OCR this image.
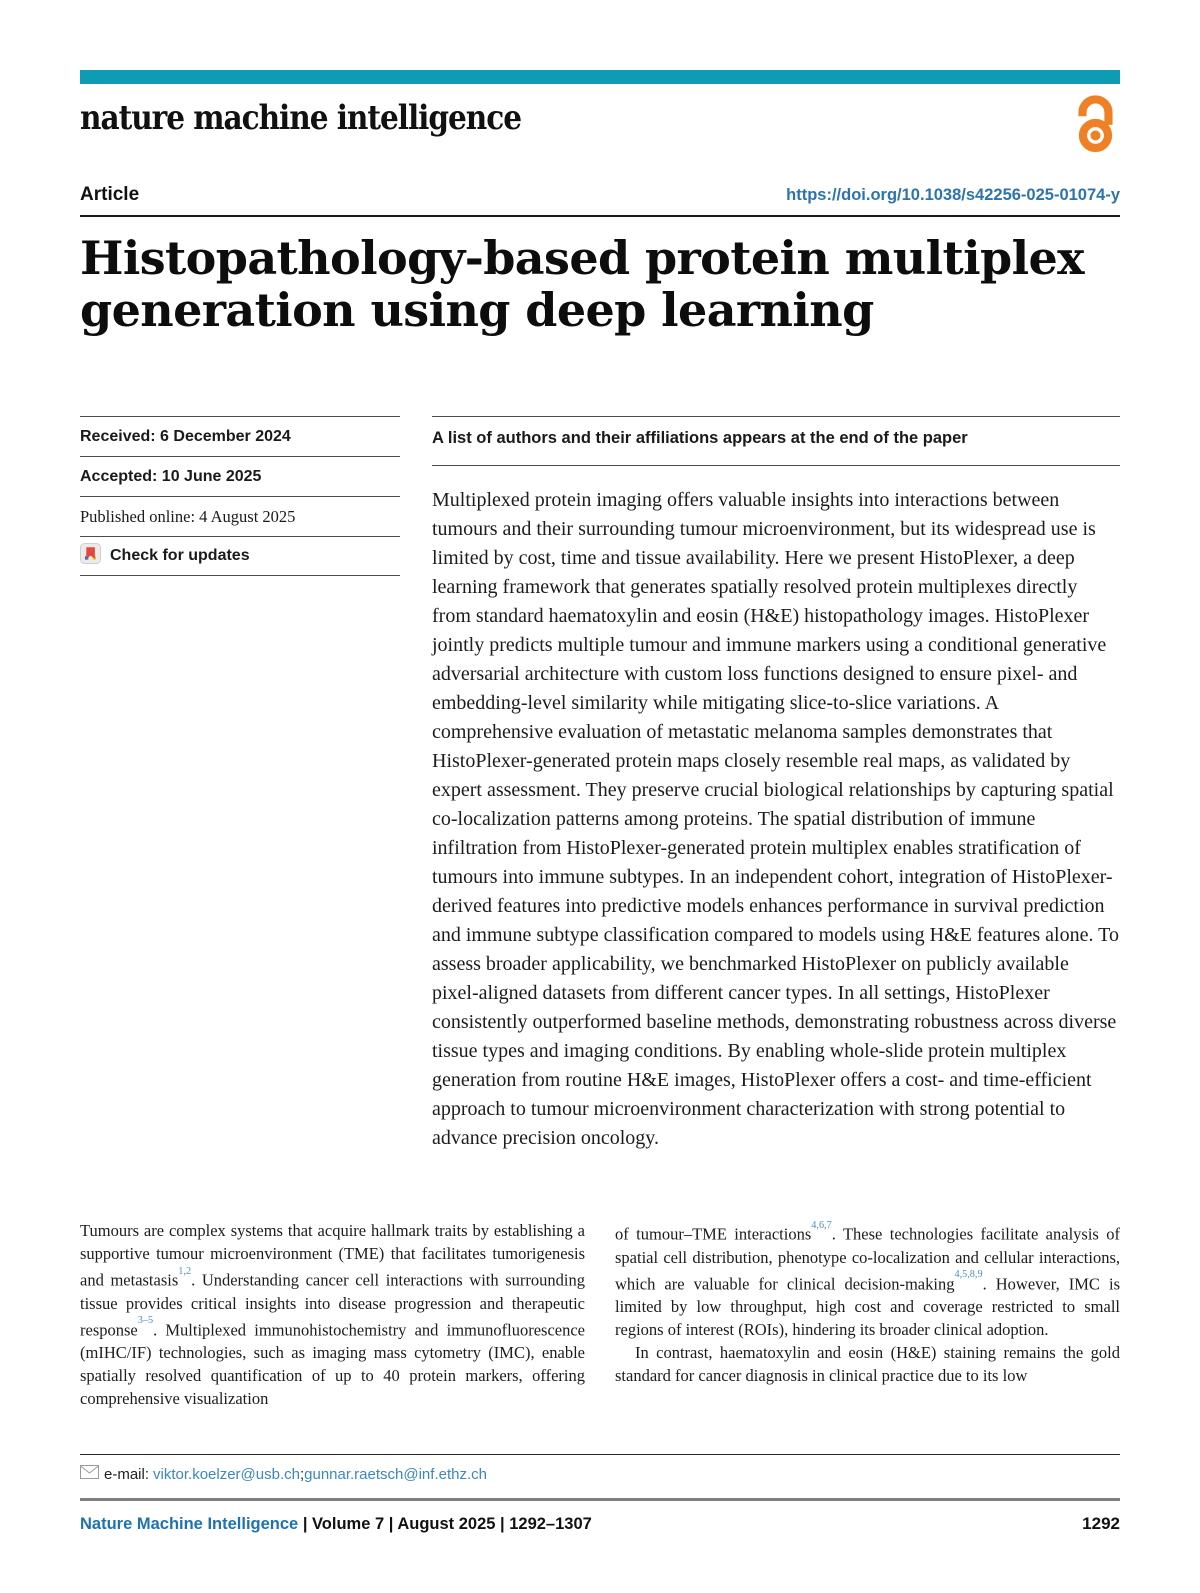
nature machine intelligence
Article	https://doi.org/10.1038/s42256-025-01074-y
Histopathology-based protein multiplex generation using deep learning
Received: 6 December 2024
Accepted: 10 June 2025
Published online: 4 August 2025
Check for updates
A list of authors and their affiliations appears at the end of the paper

Multiplexed protein imaging offers valuable insights into interactions between tumours and their surrounding tumour microenvironment, but its widespread use is limited by cost, time and tissue availability. Here we present HistoPlexer, a deep learning framework that generates spatially resolved protein multiplexes directly from standard haematoxylin and eosin (H&E) histopathology images. HistoPlexer jointly predicts multiple tumour and immune markers using a conditional generative adversarial architecture with custom loss functions designed to ensure pixel- and embedding-level similarity while mitigating slice-to-slice variations. A comprehensive evaluation of metastatic melanoma samples demonstrates that HistoPlexer-generated protein maps closely resemble real maps, as validated by expert assessment. They preserve crucial biological relationships by capturing spatial co-localization patterns among proteins. The spatial distribution of immune infiltration from HistoPlexer-generated protein multiplex enables stratification of tumours into immune subtypes. In an independent cohort, integration of HistoPlexer-derived features into predictive models enhances performance in survival prediction and immune subtype classification compared to models using H&E features alone. To assess broader applicability, we benchmarked HistoPlexer on publicly available pixel-aligned datasets from different cancer types. In all settings, HistoPlexer consistently outperformed baseline methods, demonstrating robustness across diverse tissue types and imaging conditions. By enabling whole-slide protein multiplex generation from routine H&E images, HistoPlexer offers a cost- and time-efficient approach to tumour microenvironment characterization with strong potential to advance precision oncology.

Tumours are complex systems that acquire hallmark traits by establishing a supportive tumour microenvironment (TME) that facilitates tumorigenesis and metastasis$^{1,2}$. Understanding cancer cell interactions with surrounding tissue provides critical insights into disease progression and therapeutic response$^{3-5}$. Multiplexed immunohistochemistry and immunofluorescence (mIHC/IF) technologies, such as imaging mass cytometry (IMC), enable spatially resolved quantification of up to 40 protein markers, offering comprehensive visualization

of tumour–TME interactions$^{4,6,7}$. These technologies facilitate analysis of spatial cell distribution, phenotype co-localization and cellular interactions, which are valuable for clinical decision-making$^{4,5,8,9}$. However, IMC is limited by low throughput, high cost and coverage restricted to small regions of interest (ROIs), hindering its broader clinical adoption.

In contrast, haematoxylin and eosin (H&E) staining remains the gold standard for cancer diagnosis in clinical practice due to its low

e-mail: viktor.koelzer@usb.ch ; gunnar.raetsch@inf.ethz.ch
Nature Machine Intelligence | Volume 7 | August 2025 | 1292–1307	1292
